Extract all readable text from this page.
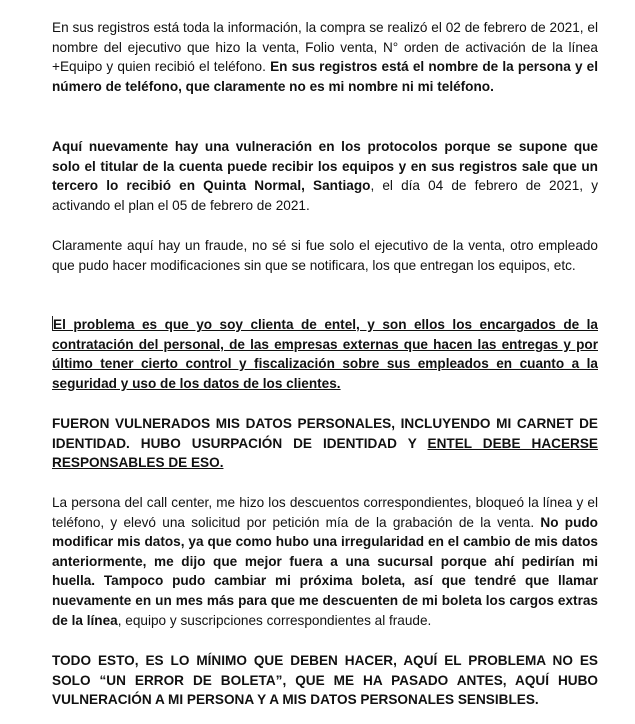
En sus registros está toda la información, la compra se realizó el 02 de febrero de 2021, el nombre del ejecutivo que hizo la venta, Folio venta, N° orden de activación de la línea +Equipo y quien recibió el teléfono. En sus registros está el nombre de la persona y el número de teléfono, que claramente no es mi nombre ni mi teléfono.

Aquí nuevamente hay una vulneración en los protocolos porque se supone que solo el titular de la cuenta puede recibir los equipos y en sus registros sale que un tercero lo recibió en Quinta Normal, Santiago, el día 04 de febrero de 2021, y activando el plan el 05 de febrero de 2021.

Claramente aquí hay un fraude, no sé si fue solo el ejecutivo de la venta, otro empleado que pudo hacer modificaciones sin que se notificara, los que entregan los equipos, etc.

El problema es que yo soy clienta de entel, y son ellos los encargados de la contratación del personal, de las empresas externas que hacen las entregas y por último tener cierto control y fiscalización sobre sus empleados en cuanto a la seguridad y uso de los datos de los clientes.

FUERON VULNERADOS MIS DATOS PERSONALES, INCLUYENDO MI CARNET DE IDENTIDAD. HUBO USURPACIÓN DE IDENTIDAD Y ENTEL DEBE HACERSE RESPONSABLES DE ESO.

La persona del call center, me hizo los descuentos correspondientes, bloqueó la línea y el teléfono, y elevó una solicitud por petición mía de la grabación de la venta. No pudo modificar mis datos, ya que como hubo una irregularidad en el cambio de mis datos anteriormente, me dijo que mejor fuera a una sucursal porque ahí pedirían mi huella. Tampoco pudo cambiar mi próxima boleta, así que tendré que llamar nuevamente en un mes más para que me descuenten de mi boleta los cargos extras de la línea, equipo y suscripciones correspondientes al fraude.

TODO ESTO, ES LO MÍNIMO QUE DEBEN HACER, AQUÍ EL PROBLEMA NO ES SOLO “UN ERROR DE BOLETA”, QUE ME HA PASADO ANTES, AQUÍ HUBO VULNERACIÓN A MI PERSONA Y A MIS DATOS PERSONALES SENSIBLES.
